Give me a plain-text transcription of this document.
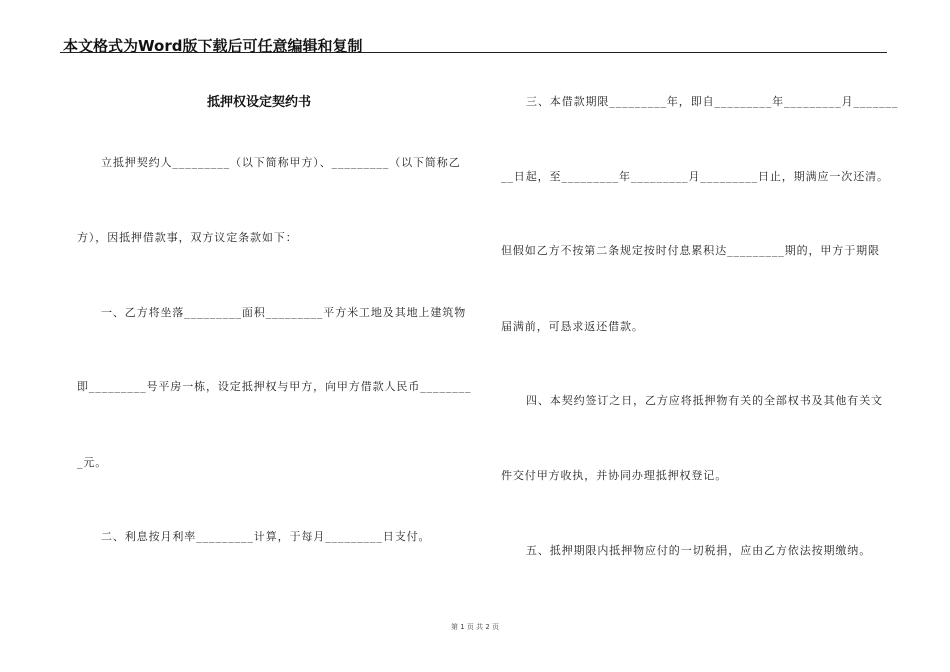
本文格式为Word版下载后可任意编辑和复制
抵押权设定契约书
立抵押契约人_________（以下简称甲方）、_________（以下简称乙
方），因抵押借款事，双方议定条款如下：
一、乙方将坐落_________面积_________平方米工地及其地上建筑物
即_________号平房一栋，设定抵押权与甲方，向甲方借款人民币________
_元。
二、利息按月利率_________计算，于每月_________日支付。
三、本借款期限_________年，即自_________年_________月_______
__日起，至_________年_________月_________日止，期满应一次还清。
但假如乙方不按第二条规定按时付息累积达_________期的，甲方于期限
届满前，可恳求返还借款。
四、本契约签订之日，乙方应将抵押物有关的全部权书及其他有关文
件交付甲方收执，并协同办理抵押权登记。
五、抵押期限内抵押物应付的一切税捐，应由乙方依法按期缴纳。
第 1 页 共 2 页
